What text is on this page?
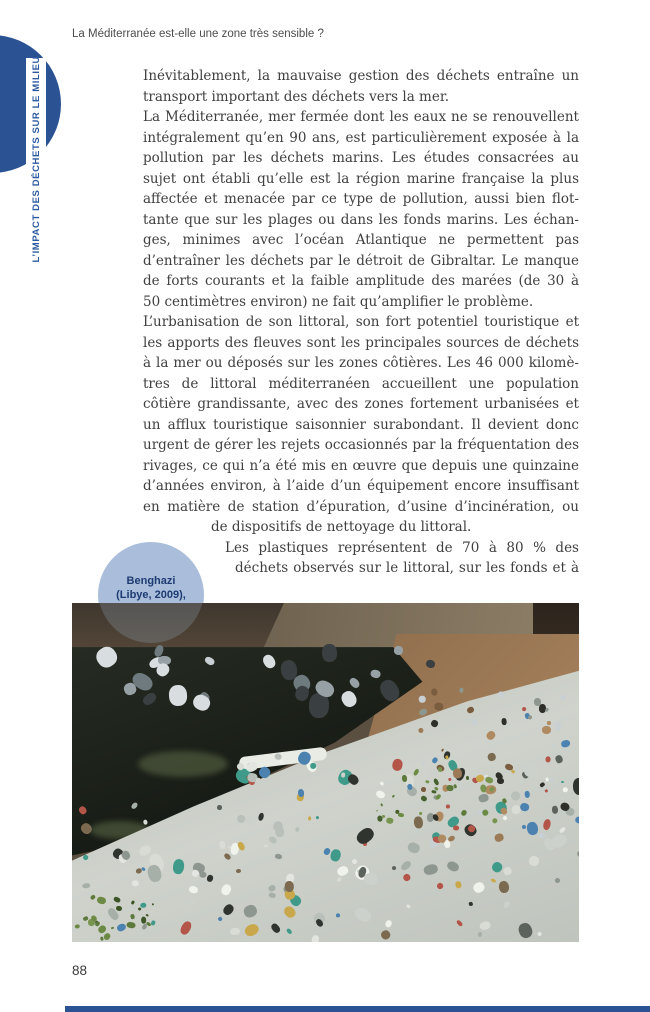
L’IMPACT DES DÉCHETS SUR LE MILIEU
La Méditerranée est-elle une zone très sensible ?
Inévitablement, la mauvaise gestion des déchets entraîne un
transport important des déchets vers la mer.
La Méditerranée, mer fermée dont les eaux ne se renouvellent
intégralement qu’en 90 ans, est particulièrement exposée à la
pollution par les déchets marins. Les études consacrées au
sujet ont établi qu’elle est la région marine française la plus
affectée et menacée par ce type de pollution, aussi bien flot-
tante que sur les plages ou dans les fonds marins. Les échan-
ges, minimes avec l’océan Atlantique ne permettent pas
d’entraîner les déchets par le détroit de Gibraltar. Le manque
de forts courants et la faible amplitude des marées (de 30 à
50 centimètres environ) ne fait qu’amplifier le problème.
L’urbanisation de son littoral, son fort potentiel touristique et
les apports des fleuves sont les principales sources de déchets
à la mer ou déposés sur les zones côtières. Les 46 000 kilomè-
tres de littoral méditerranéen accueillent une population
côtière grandissante, avec des zones fortement urbanisées et
un afflux touristique saisonnier surabondant. Il devient donc
urgent de gérer les rejets occasionnés par la fréquentation des
rivages, ce qui n’a été mis en œuvre que depuis une quinzaine
d’années environ, à l’aide d’un équipement encore insuffisant
en matière de station d’épuration, d’usine d’incinération, ou
de dispositifs de nettoyage du littoral.
Les plastiques représentent de 70 à 80 % des
déchets observés sur le littoral, sur les fonds et à
Benghazi
(Libye, 2009),
88
